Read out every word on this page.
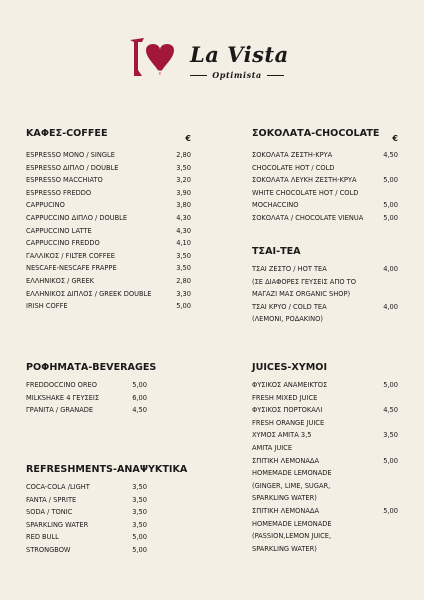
La Vista
Optimista
ΚΑΦΕΣ-COFFEE	€
ESPRESSO MONO / SINGLE	2,80
ESPRESSO ΔΙΠΛΟ / DOUBLE	3,50
ESPRESSO MACCHIATO	3,20
ESPRESSO FREDDO	3,90
CAPPUCINO	3,80
CAPPUCCINO ΔΙΠΛΟ / DOUBLE	4,30
CAPPUCCINO LATTE	4,30
CAPPUCCINO FREDDO	4,10
ΓΑΛΛΙΚΟΣ / FILTER COFFEE	3,50
NESCAFE-NESCAFE FRAPPE	3,50
ΕΛΛΗΝΙΚΟΣ / GREEK	2,80
ΕΛΛΗΝΙΚΟΣ ΔΙΠΛΟΣ / GREEK DOUBLE	3,30
IRISH COFFE	5,00
ΣΟΚΟΛΑΤΑ-CHOCOLATE €
ΣΟΚΟΛΑΤΑ ΖΕΣΤΗ-ΚΡΥΑ	4,50
CHOCOLATE HOT / COLD
ΣΟΚΟΛΑΤΑ ΛΕΥΚΗ ΖΕΣΤΗ-ΚΡΥΑ	5,00
WHITE CHOCOLATE HOT / COLD
MOCHACCINO	5,00
ΣΟΚΟΛΑΤΑ / CHOCOLATE VIENUA	5,00
ΤΣΑΙ-TEA
ΤΣΑΙ ΖΕΣΤΟ / HOT TEA	4,00
(ΣΕ ΔΙΑΦΟΡΕΣ ΓΕΥΣΕΙΣ ΑΠΟ ΤΟ
ΜΑΓΑΖΙ ΜΑΣ ORGANIC SHOP)
ΤΣΑΙ ΚΡΥΟ / COLD TEA	4,00
(ΛΕΜΟΝΙ, ΡΟΔΑΚΙΝΟ)
ΡΟΦΗΜΑΤΑ-BEVERAGES
FREDDOCCINO OREO	5,00
MILKSHAKE 4 ΓΕΥΣΕΙΣ	6,00
ΓΡΑΝΙΤΑ / GRANADE	4,50
JUICES-ΧΥΜΟΙ
ΦΥΣΙΚΟΣ ΑΝΑΜΕΙΚΤΟΣ	5,00
FRESH MIXED JUICE
ΦΥΣΙΚΟΣ ΠΟΡΤΟΚΑΛΙ	4,50
FRESH ORANGE JUICE
ΧΥΜΟΣ ΑΜΙΤΑ 3,5	3,50
AMITA JUICE
ΣΠΙΤΙΚΗ ΛΕΜΟΝΑΔΑ	5,00
HOMEMADE LEMONADE
(GINGER, LIME, SUGAR,
SPARKLING WATER)
ΣΠΙΤΙΚΗ ΛΕΜΟΝΑΔΑ	5,00
HOMEMADE LEMONADE
(PASSION,LEMON JUICE,
SPARKLING WATER)
REFRESHMENTS-ΑΝΑΨΥΚΤΙΚΑ
COCA-COLA /LIGHT	3,50
FANTA / SPRITE	3,50
SODA / TONIC	3,50
SPARKLING WATER	3,50
RED BULL	5,00
STRONGBOW	5,00
